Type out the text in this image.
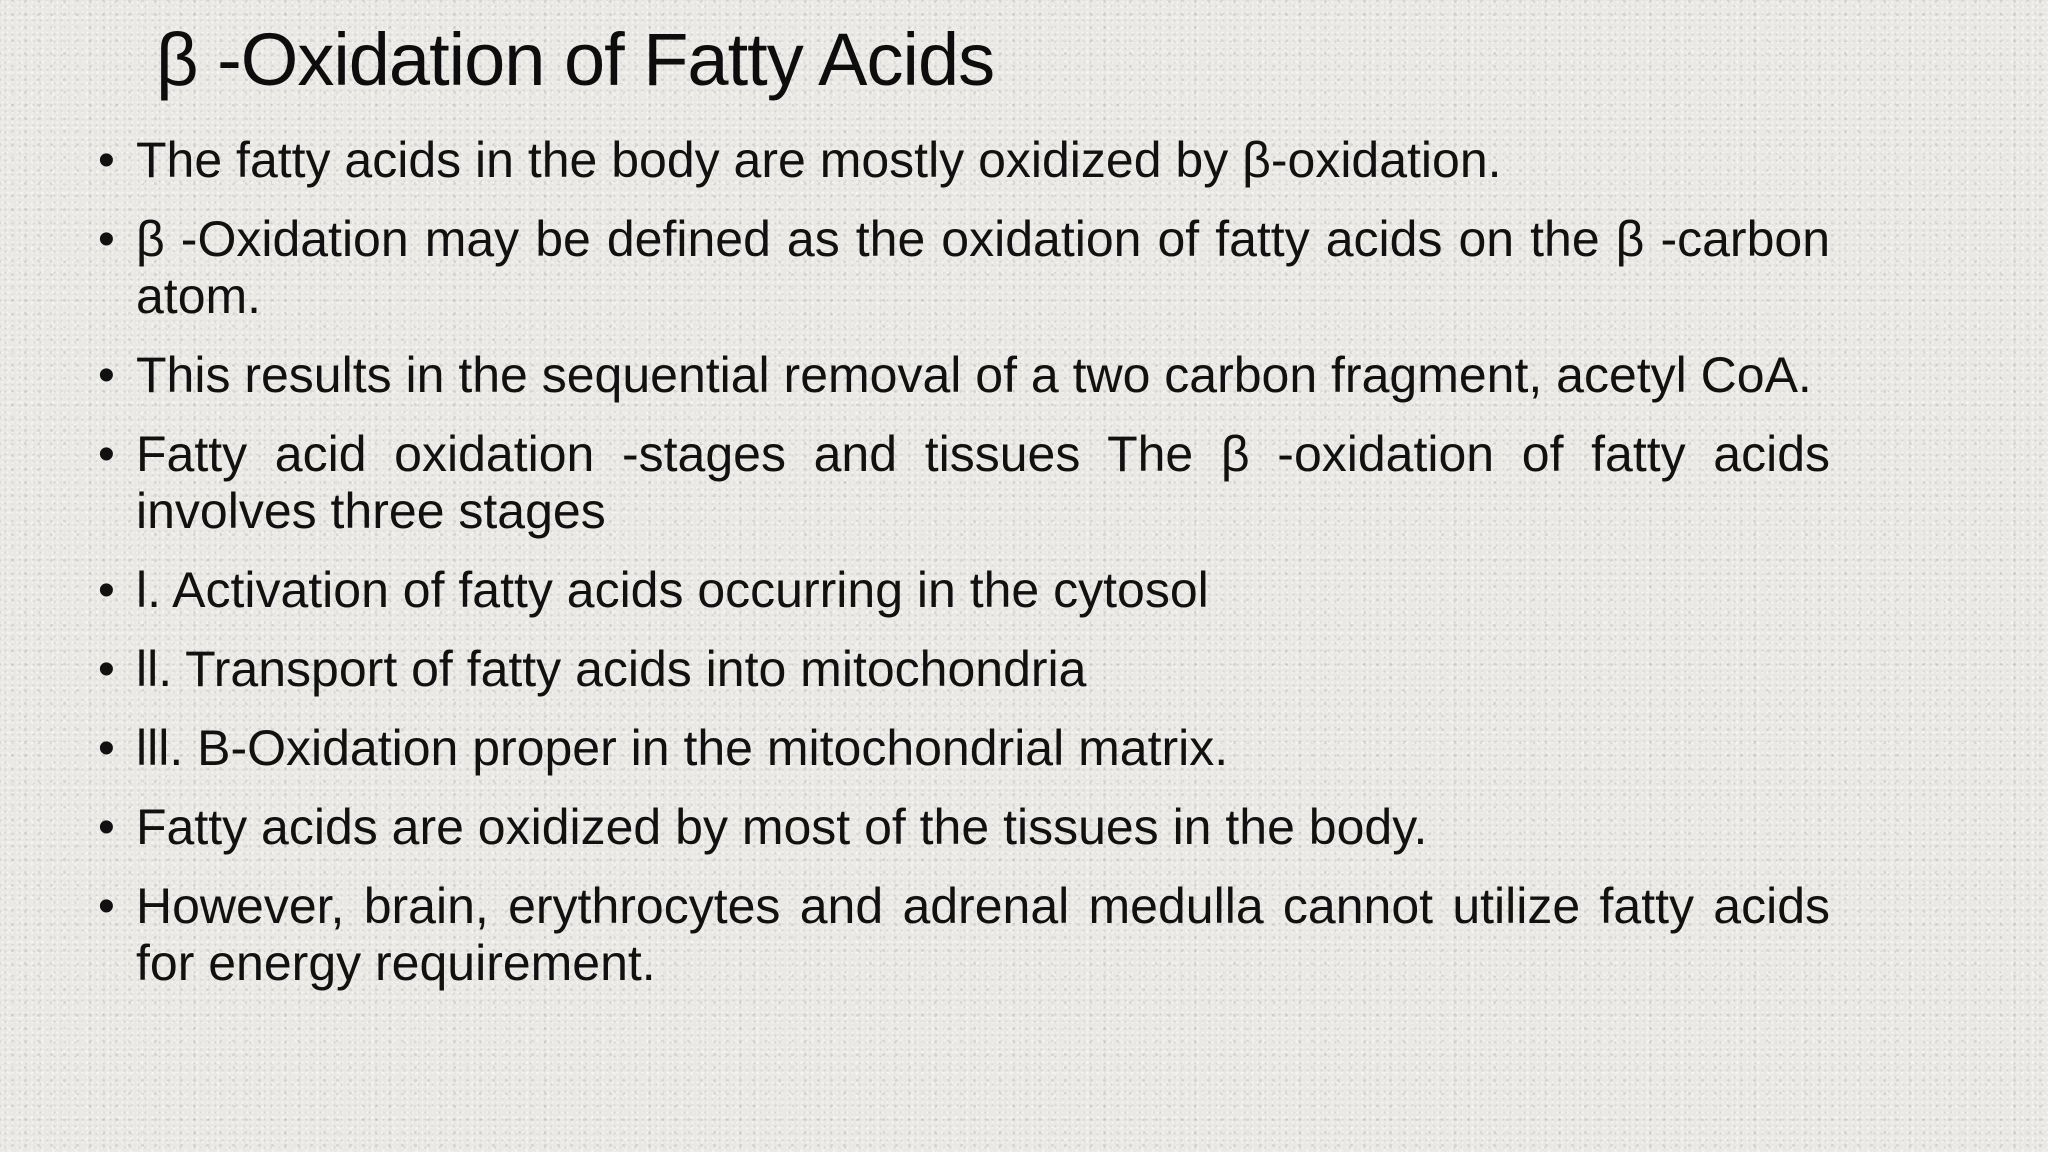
β -Oxidation of Fatty Acids
• The fatty acids in the body are mostly oxidized by β-oxidation.
• β -Oxidation may be defined as the oxidation of fatty acids on the β -carbon atom.
• This results in the sequential removal of a two carbon fragment, acetyl CoA.
• Fatty acid oxidation -stages and tissues The β -oxidation of fatty acids involves three stages
• l. Activation of fatty acids occurring in the cytosol
• ll. Transport of fatty acids into mitochondria
• lll. Β-Oxidation proper in the mitochondrial matrix.
• Fatty acids are oxidized by most of the tissues in the body.
• However, brain, erythrocytes and adrenal medulla cannot utilize fatty acids for energy requirement.
